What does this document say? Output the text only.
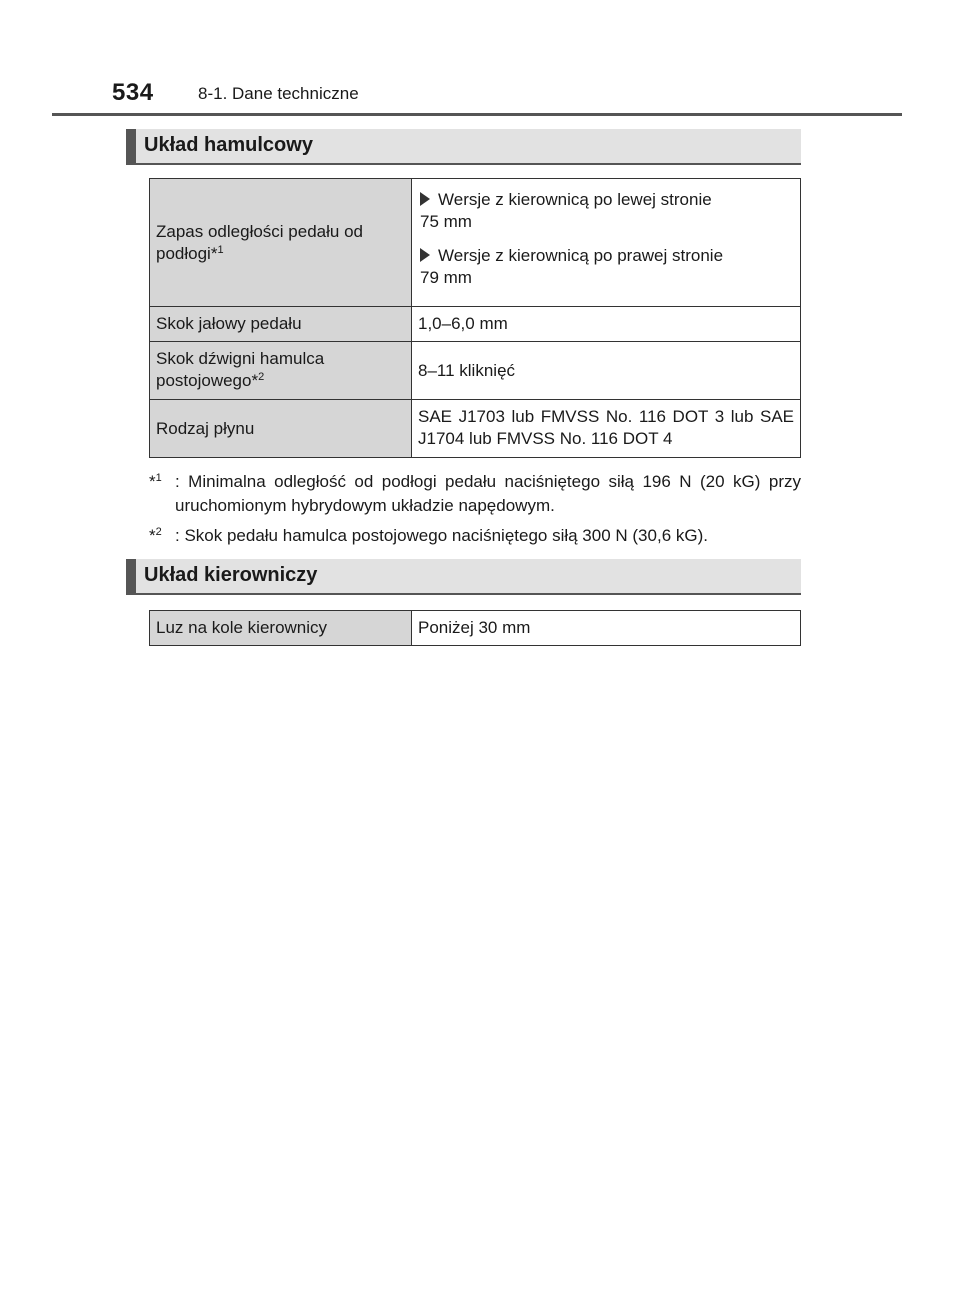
534	8-1. Dane techniczne
Układ hamulcowy
Zapas odległości pedału od podłogi*$^1$	Wersje z kierownicą po lewej stronie
75 mm
Wersje z kierownicą po prawej stronie
79 mm

Skok jałowy pedału	1,0–6,0 mm
Skok dźwigni hamulca postojowego*$^2$	8–11 kliknięć
Rodzaj płynu	SAE J1703 lub FMVSS No. 116 DOT 3 lub SAE J1704 lub FMVSS No. 116 DOT 4
*$^1$ : Minimalna odległość od podłogi pedału naciśniętego siłą 196 N (20 kG) przy uruchomionym hybrydowym układzie napędowym.
*$^2$ : Skok pedału hamulca postojowego naciśniętego siłą 300 N (30,6 kG).
Układ kierowniczy
Luz na kole kierownicy	Poniżej 30 mm
